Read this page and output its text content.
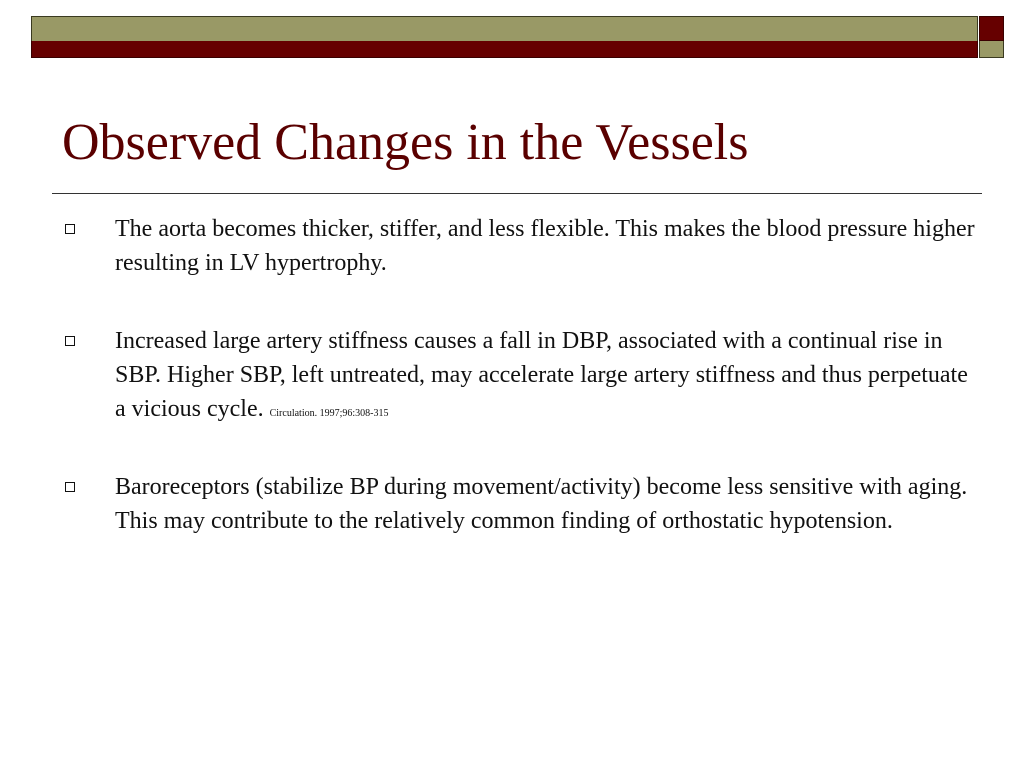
Observed Changes in the Vessels
The aorta becomes thicker, stiffer, and less flexible. This makes the blood pressure higher resulting in LV hypertrophy.
Increased large artery stiffness causes a fall in DBP, associated with a continual rise in SBP. Higher SBP, left untreated, may accelerate large artery stiffness and thus perpetuate a vicious cycle. Circulation. 1997;96:308-315
Baroreceptors (stabilize BP during movement/activity) become less sensitive with aging. This may contribute to the relatively common finding of orthostatic hypotension.
